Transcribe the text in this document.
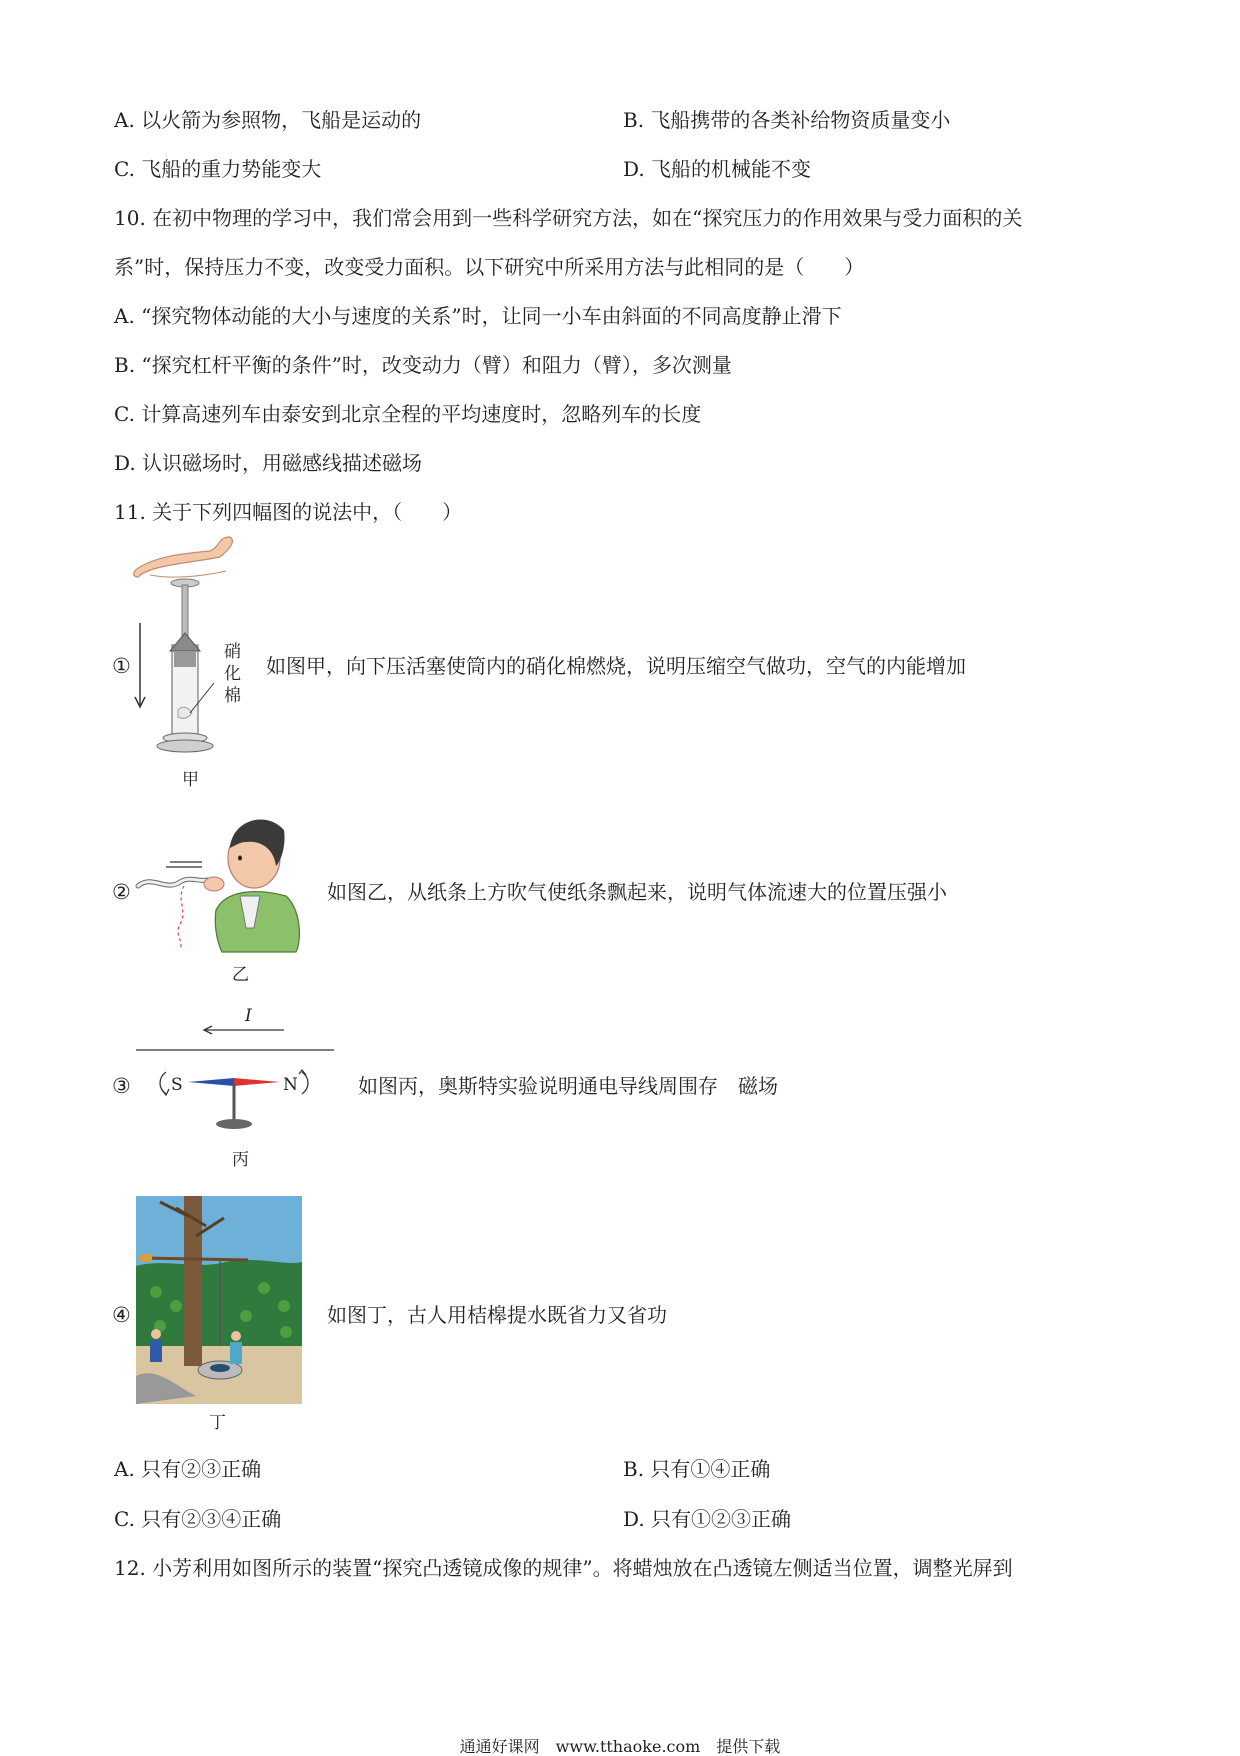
A. 以火箭为参照物，飞船是运动的	B. 飞船携带的各类补给物资质量变小
C. 飞船的重力势能变大	D. 飞船的机械能不变
10. 在初中物理的学习中，我们常会用到一些科学研究方法，如在“探究压力的作用效果与受力面积的关
系”时，保持压力不变，改变受力面积。以下研究中所采用方法与此相同的是（　　）
A. “探究物体动能的大小与速度的关系”时，让同一小车由斜面的不同高度静止滑下
B. “探究杠杆平衡的条件”时，改变动力（臂）和阻力（臂），多次测量
C. 计算高速列车由泰安到北京全程的平均速度时，忽略列车的长度
D. 认识磁场时，用磁感线描述磁场
11. 关于下列四幅图的说法中，（　　）
①
硝
化
棉
如图甲，向下压活塞使筒内的硝化棉燃烧，说明压缩空气做功，空气的内能增加
甲
②	如图乙，从纸条上方吹气使纸条飘起来，说明气体流速大的位置压强小
乙
I
S	N
③	如图丙，奥斯特实验说明通电导线周围存　磁场
丙
④	如图丁，古人用桔槔提水既省力又省功
丁
A. 只有②③正确	B. 只有①④正确
C. 只有②③④正确	D. 只有①②③正确
12. 小芳利用如图所示的装置“探究凸透镜成像的规律”。将蜡烛放在凸透镜左侧适当位置，调整光屏到
通通好课网　www.tthaoke.com　提供下载
